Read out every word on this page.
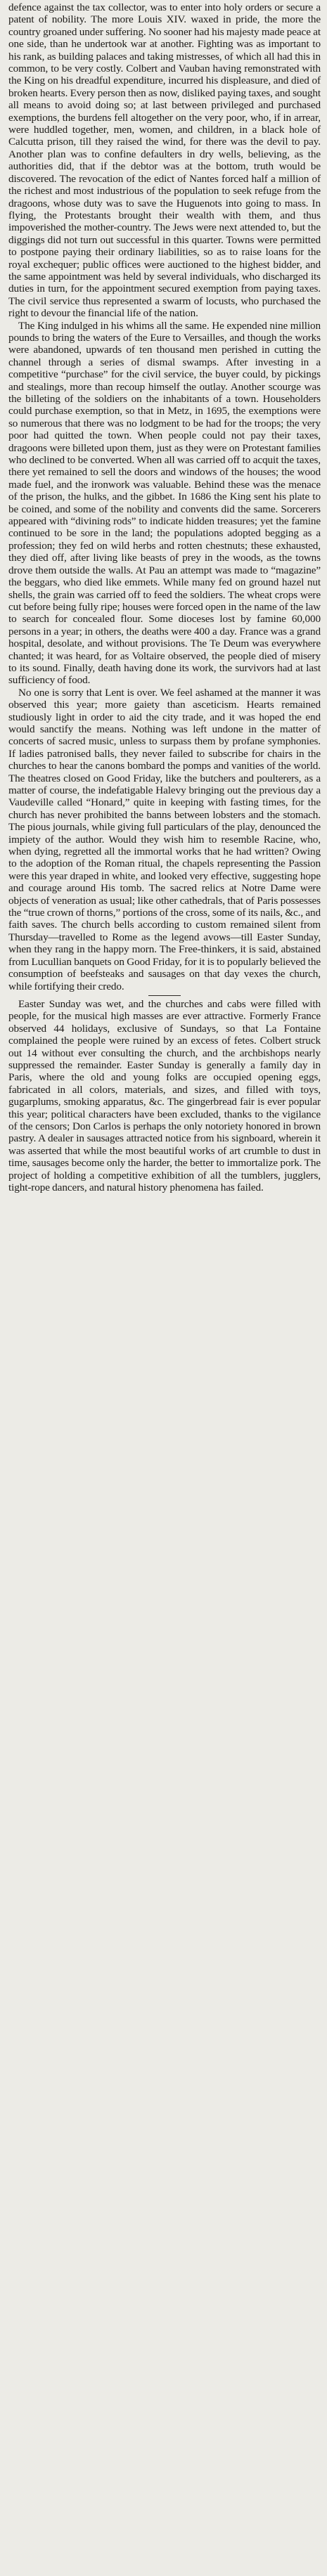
defence against the tax collector, was to enter into holy orders or secure a patent of nobility. The more Louis XIV. waxed in pride, the more the country groaned under suffering. No sooner had his majesty made peace at one side, than he undertook war at another. Fighting was as important to his rank, as building palaces and taking mistresses, of which all had this in common, to be very costly. Colbert and Vauban having remonstrated with the King on his dreadful expenditure, incurred his displeasure, and died of broken hearts. Every person then as now, disliked paying taxes, and sought all means to avoid doing so; at last between privileged and purchased exemptions, the burdens fell altogether on the very poor, who, if in arrear, were huddled together, men, women, and children, in a black hole of Calcutta prison, till they raised the wind, for there was the devil to pay. Another plan was to confine defaulters in dry wells, believing, as the authorities did, that if the debtor was at the bottom, truth would be discovered. The revocation of the edict of Nantes forced half a million of the richest and most industrious of the population to seek refuge from the dragoons, whose duty was to save the Huguenots into going to mass. In flying, the Protestants brought their wealth with them, and thus impoverished the mother-country. The Jews were next attended to, but the diggings did not turn out successful in this quarter. Towns were permitted to postpone paying their ordinary liabilities, so as to raise loans for the royal exchequer; public offices were auctioned to the highest bidder, and the same appointment was held by several individuals, who discharged its duties in turn, for the appointment secured exemption from paying taxes. The civil service thus represented a swarm of locusts, who purchased the right to devour the financial life of the nation.

The King indulged in his whims all the same. He expended nine million pounds to bring the waters of the Eure to Versailles, and though the works were abandoned, upwards of ten thousand men perished in cutting the channel through a series of dismal swamps. After investing in a competitive “purchase” for the civil service, the buyer could, by pickings and stealings, more than recoup himself the outlay. Another scourge was the billeting of the soldiers on the inhabitants of a town. Householders could purchase exemption, so that in Metz, in 1695, the exemptions were so numerous that there was no lodgment to be had for the troops; the very poor had quitted the town. When people could not pay their taxes, dragoons were billeted upon them, just as they were on Protestant families who declined to be converted. When all was carried off to acquit the taxes, there yet remained to sell the doors and windows of the houses; the wood made fuel, and the ironwork was valuable. Behind these was the menace of the prison, the hulks, and the gibbet. In 1686 the King sent his plate to be coined, and some of the nobility and convents did the same. Sorcerers appeared with “divining rods” to indicate hidden treasures; yet the famine continued to be sore in the land; the populations adopted begging as a profession; they fed on wild herbs and rotten chestnuts; these exhausted, they died off, after living like beasts of prey in the woods, as the towns drove them outside the walls. At Pau an attempt was made to “magazine” the beggars, who died like emmets. While many fed on ground hazel nut shells, the grain was carried off to feed the soldiers. The wheat crops were cut before being fully ripe; houses were forced open in the name of the law to search for concealed flour. Some dioceses lost by famine 60,000 persons in a year; in others, the deaths were 400 a day. France was a grand hospital, desolate, and without provisions. The Te Deum was everywhere chanted; it was heard, for as Voltaire observed, the people died of misery to its sound. Finally, death having done its work, the survivors had at last sufficiency of food.

No one is sorry that Lent is over. We feel ashamed at the manner it was observed this year; more gaiety than asceticism. Hearts remained studiously light in order to aid the city trade, and it was hoped the end would sanctify the means. Nothing was left undone in the matter of concerts of sacred music, unless to surpass them by profane symphonies. If ladies patronised balls, they never failed to subscribe for chairs in the churches to hear the canons bombard the pomps and vanities of the world. The theatres closed on Good Friday, like the butchers and poulterers, as a matter of course, the indefatigable Halevy bringing out the previous day a Vaudeville called “Honard,” quite in keeping with fasting times, for the church has never prohibited the banns between lobsters and the stomach. The pious journals, while giving full particulars of the play, denounced the impiety of the author. Would they wish him to resemble Racine, who, when dying, regretted all the immortal works that he had written? Owing to the adoption of the Roman ritual, the chapels representing the Passion were this year draped in white, and looked very effective, suggesting hope and courage around His tomb. The sacred relics at Notre Dame were objects of veneration as usual; like other cathedrals, that of Paris possesses the “true crown of thorns,” portions of the cross, some of its nails, &c., and faith saves. The church bells according to custom remained silent from Thursday—travelled to Rome as the legend avows—till Easter Sunday, when they rang in the happy morn. The Free-thinkers, it is said, abstained from Lucullian banquets on Good Friday, for it is to popularly believed the consumption of beefsteaks and sausages on that day vexes the church, while fortifying their credo.

Easter Sunday was wet, and the churches and cabs were filled with people, for the musical high masses are ever attractive. Formerly France observed 44 holidays, exclusive of Sundays, so that La Fontaine complained the people were ruined by an excess of fetes. Colbert struck out 14 without ever consulting the church, and the archbishops nearly suppressed the remainder. Easter Sunday is generally a family day in Paris, where the old and young folks are occupied opening eggs, fabricated in all colors, materials, and sizes, and filled with toys, gugarplums, smoking apparatus, &c. The gingerbread fair is ever popular this year; political characters have been excluded, thanks to the vigilance of the censors; Don Carlos is perhaps the only notoriety honored in brown pastry. A dealer in sausages attracted notice from his signboard, wherein it was asserted that while the most beautiful works of art crumble to dust in time, sausages become only the harder, the better to immortalize pork. The project of holding a competitive exhibition of all the tumblers, jugglers, tight-rope dancers, and natural history phenomena has failed.
